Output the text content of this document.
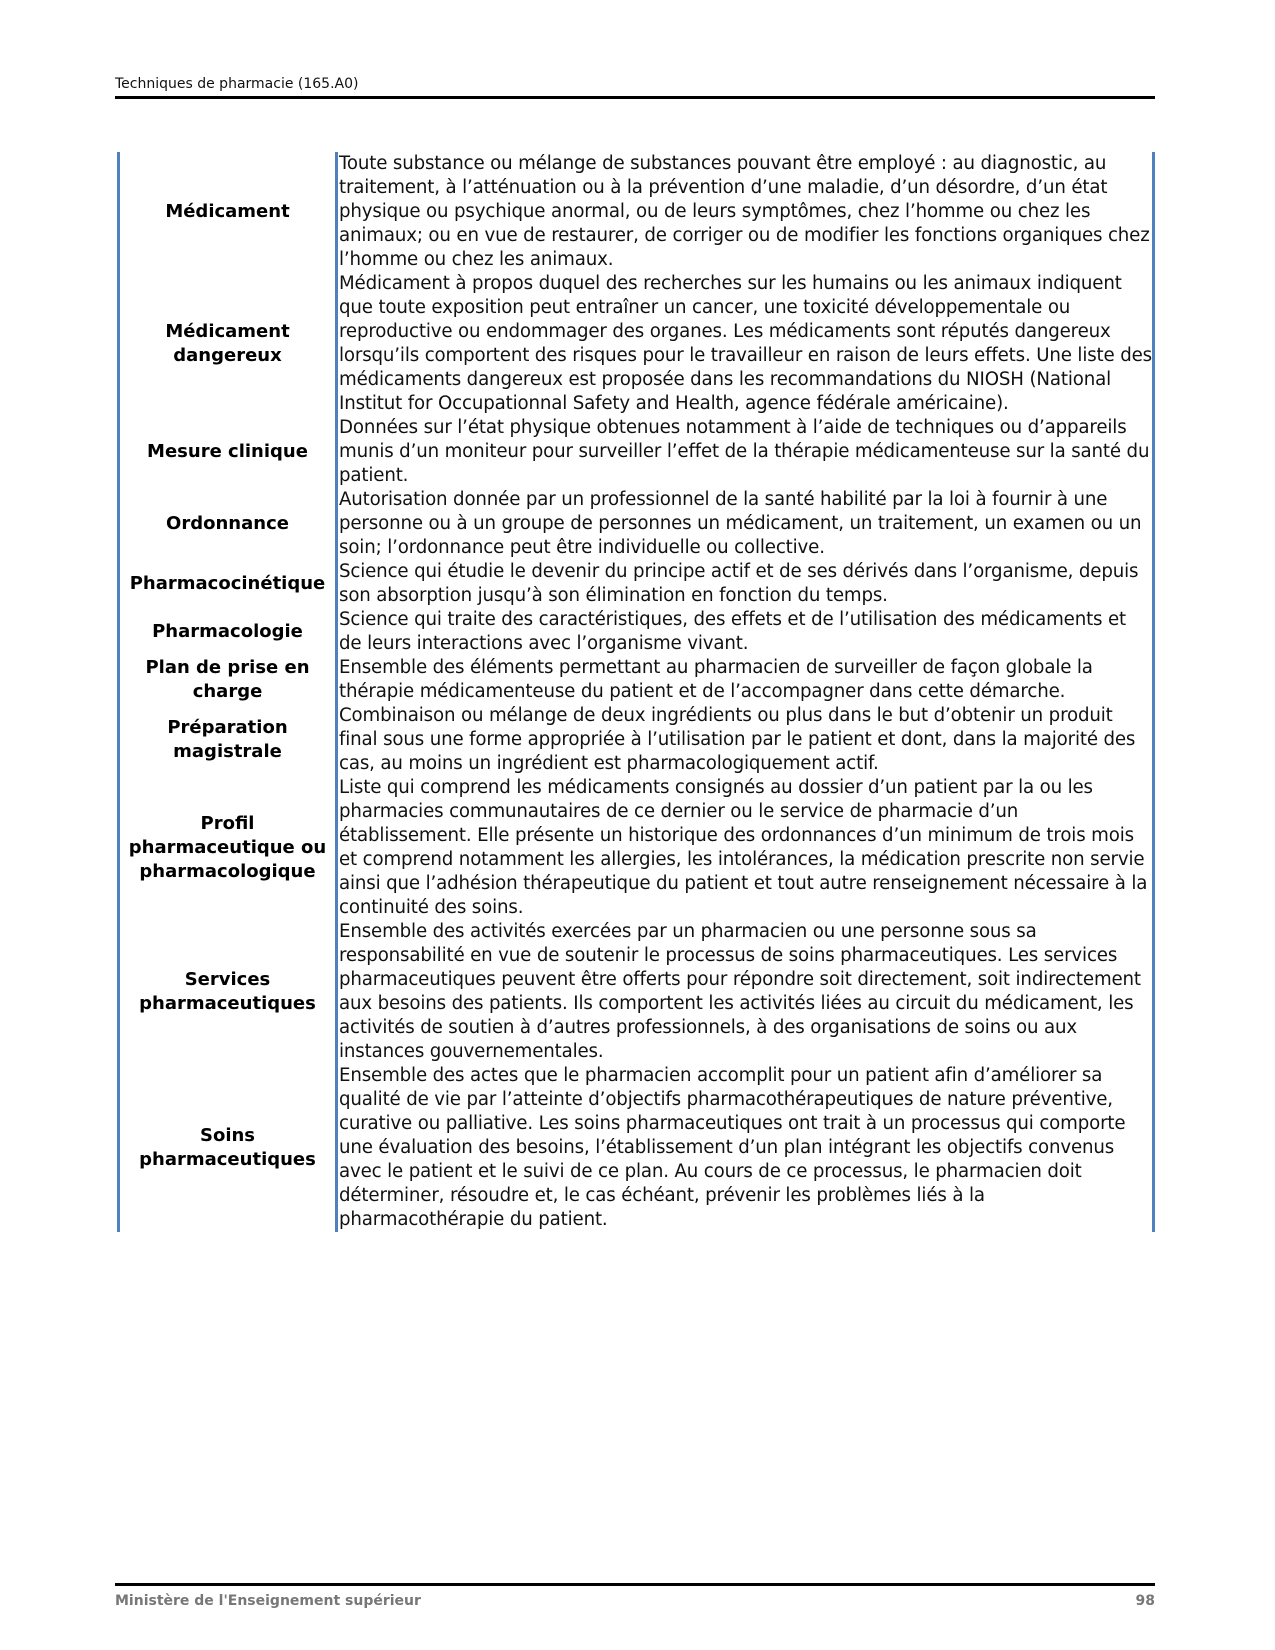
Techniques de pharmacie (165.A0)
Médicament
Toute substance ou mélange de substances pouvant être employé : au diagnostic, au traitement, à l’atténuation ou à la prévention d’une maladie, d’un désordre, d’un état physique ou psychique anormal, ou de leurs symptômes, chez l’homme ou chez les animaux; ou en vue de restaurer, de corriger ou de modifier les fonctions organiques chez l’homme ou chez les animaux.
Médicament dangereux
Médicament à propos duquel des recherches sur les humains ou les animaux indiquent que toute exposition peut entraîner un cancer, une toxicité développementale ou reproductive ou endommager des organes. Les médicaments sont réputés dangereux lorsqu’ils comportent des risques pour le travailleur en raison de leurs effets. Une liste des médicaments dangereux est proposée dans les recommandations du NIOSH (National Institut for Occupationnal Safety and Health, agence fédérale américaine).
Mesure clinique
Données sur l’état physique obtenues notamment à l’aide de techniques ou d’appareils munis d’un moniteur pour surveiller l’effet de la thérapie médicamenteuse sur la santé du patient.
Ordonnance
Autorisation donnée par un professionnel de la santé habilité par la loi à fournir à une personne ou à un groupe de personnes un médicament, un traitement, un examen ou un soin; l’ordonnance peut être individuelle ou collective.
Pharmacocinétique
Science qui étudie le devenir du principe actif et de ses dérivés dans l’organisme, depuis son absorption jusqu’à son élimination en fonction du temps.
Pharmacologie
Science qui traite des caractéristiques, des effets et de l’utilisation des médicaments et de leurs interactions avec l’organisme vivant.
Plan de prise en charge
Ensemble des éléments permettant au pharmacien de surveiller de façon globale la thérapie médicamenteuse du patient et de l’accompagner dans cette démarche.
Préparation magistrale
Combinaison ou mélange de deux ingrédients ou plus dans le but d’obtenir un produit final sous une forme appropriée à l’utilisation par le patient et dont, dans la majorité des cas, au moins un ingrédient est pharmacologiquement actif.
Profil pharmaceutique ou pharmacologique
Liste qui comprend les médicaments consignés au dossier d’un patient par la ou les pharmacies communautaires de ce dernier ou le service de pharmacie d’un établissement. Elle présente un historique des ordonnances d’un minimum de trois mois et comprend notamment les allergies, les intolérances, la médication prescrite non servie ainsi que l’adhésion thérapeutique du patient et tout autre renseignement nécessaire à la continuité des soins.
Services pharmaceutiques
Ensemble des activités exercées par un pharmacien ou une personne sous sa responsabilité en vue de soutenir le processus de soins pharmaceutiques. Les services pharmaceutiques peuvent être offerts pour répondre soit directement, soit indirectement aux besoins des patients. Ils comportent les activités liées au circuit du médicament, les activités de soutien à d’autres professionnels, à des organisations de soins ou aux instances gouvernementales.
Soins pharmaceutiques
Ensemble des actes que le pharmacien accomplit pour un patient afin d’améliorer sa qualité de vie par l’atteinte d’objectifs pharmacothérapeutiques de nature préventive, curative ou palliative. Les soins pharmaceutiques ont trait à un processus qui comporte une évaluation des besoins, l’établissement d’un plan intégrant les objectifs convenus avec le patient et le suivi de ce plan. Au cours de ce processus, le pharmacien doit déterminer, résoudre et, le cas échéant, prévenir les problèmes liés à la pharmacothérapie du patient.
Ministère de l'Enseignement supérieur	98
